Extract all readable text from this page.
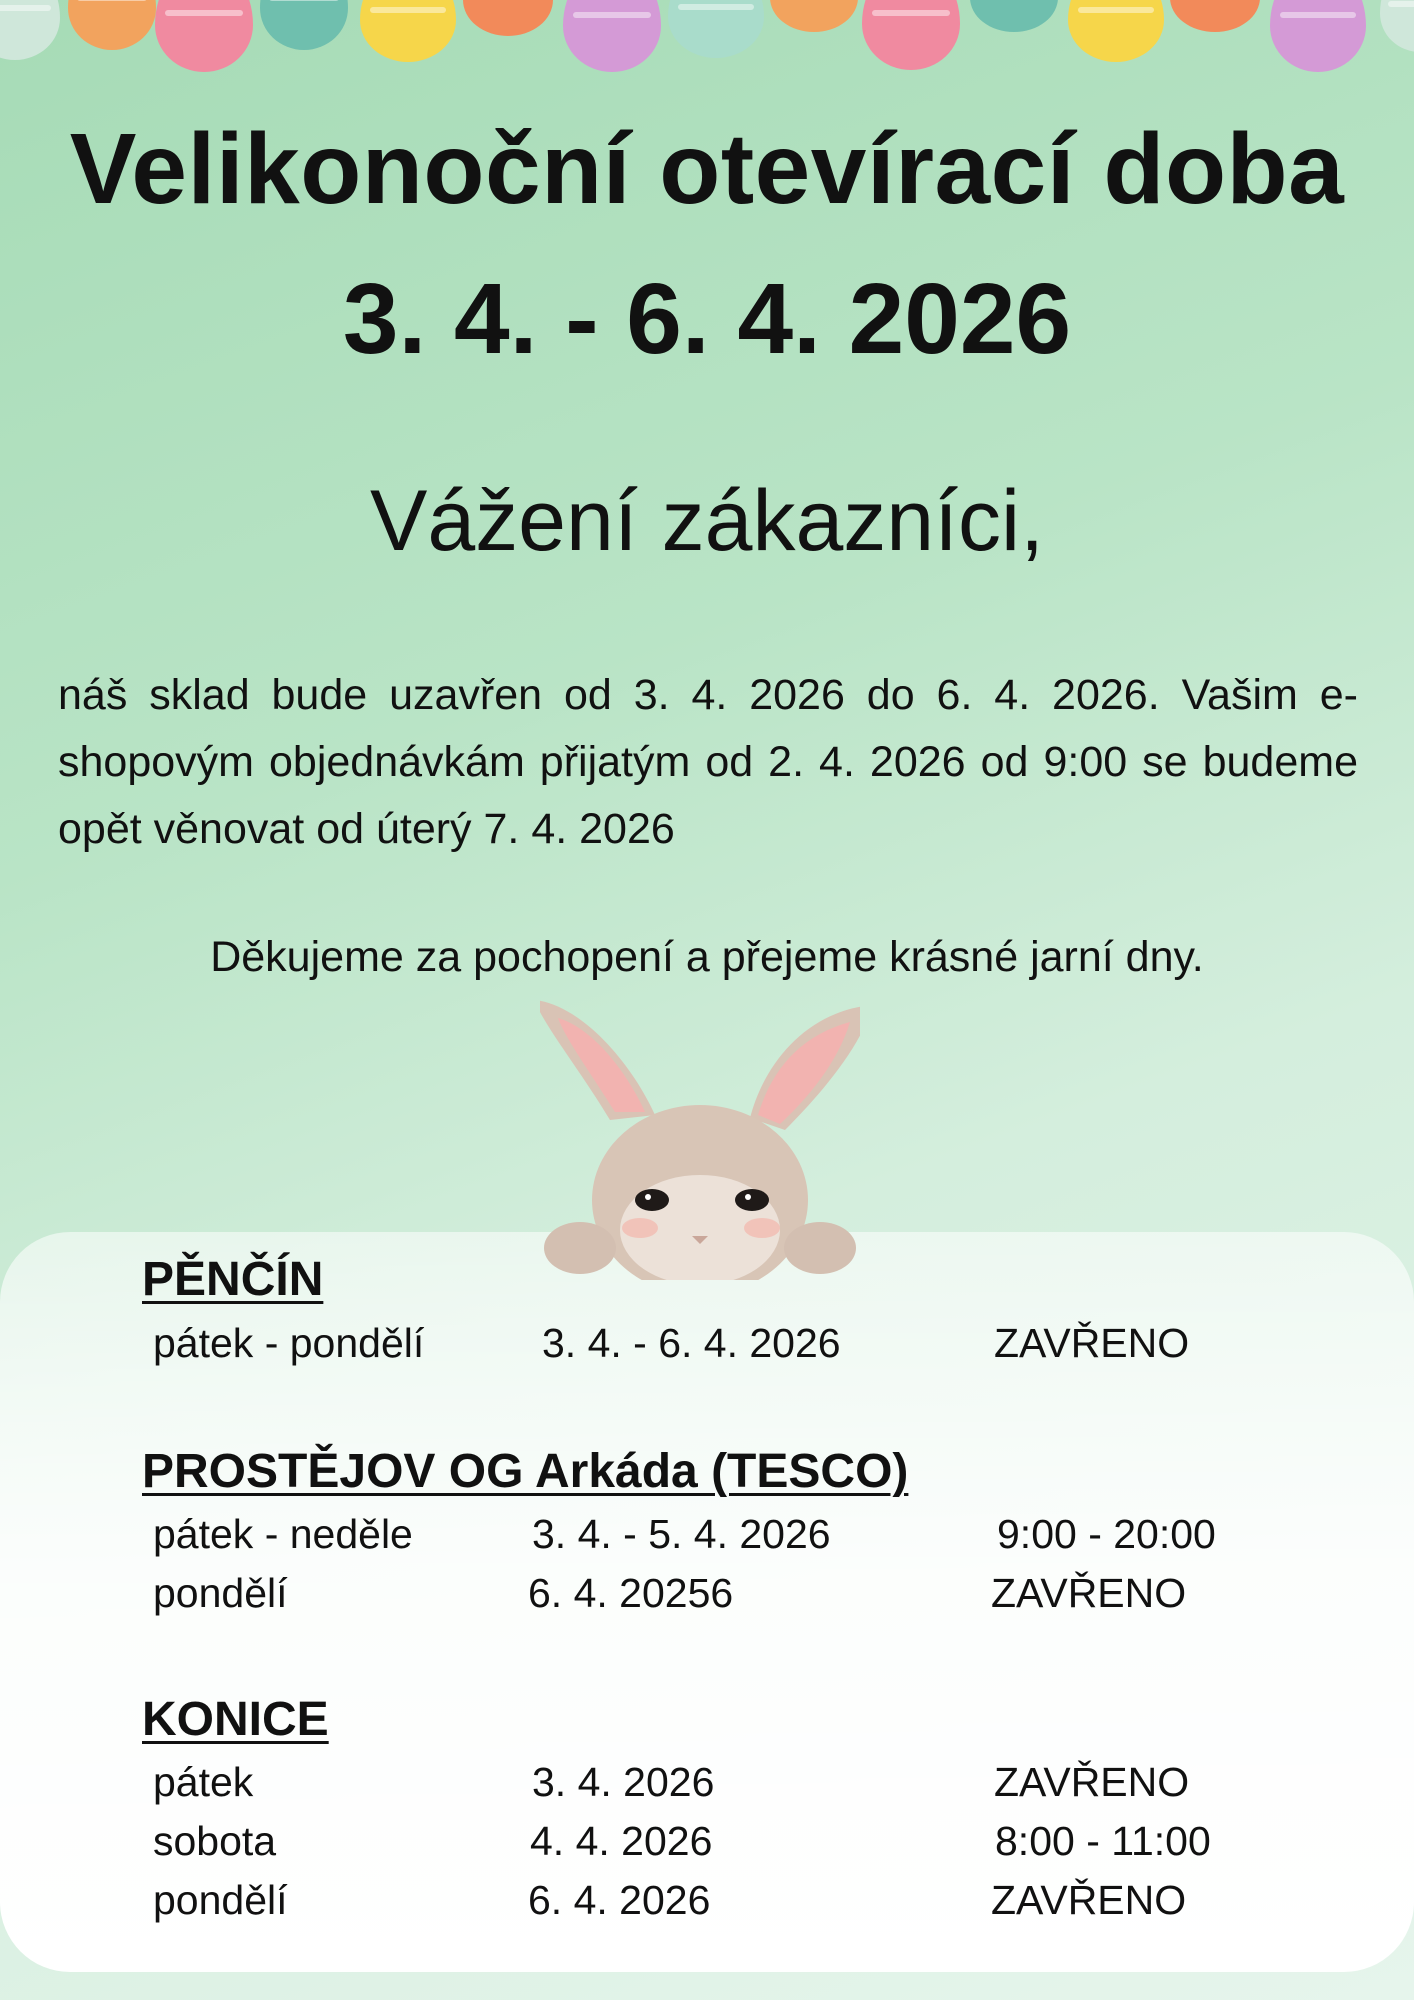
Velikonoční otevírací doba
3. 4. - 6. 4. 2026

Vážení zákazníci,

náš sklad bude uzavřen od 3. 4. 2026 do 6. 4. 2026. Vašim e-shopovým objednávkám přijatým od 2. 4. 2026 od 9:00 se budeme opět věnovat od úterý 7. 4. 2026

Děkujeme za pochopení a přejeme krásné jarní dny.

PĚNČÍN
pátek - pondělí	3. 4. - 6. 4. 2026	ZAVŘENO
PROSTĚJOV OG Arkáda (TESCO)
pátek - neděle	3. 4. - 5. 4. 2026	9:00 - 20:00
pondělí	6. 4. 20256	ZAVŘENO
KONICE
pátek	3. 4. 2026	ZAVŘENO
sobota	4. 4. 2026	8:00 - 11:00
pondělí	6. 4. 2026	ZAVŘENO
